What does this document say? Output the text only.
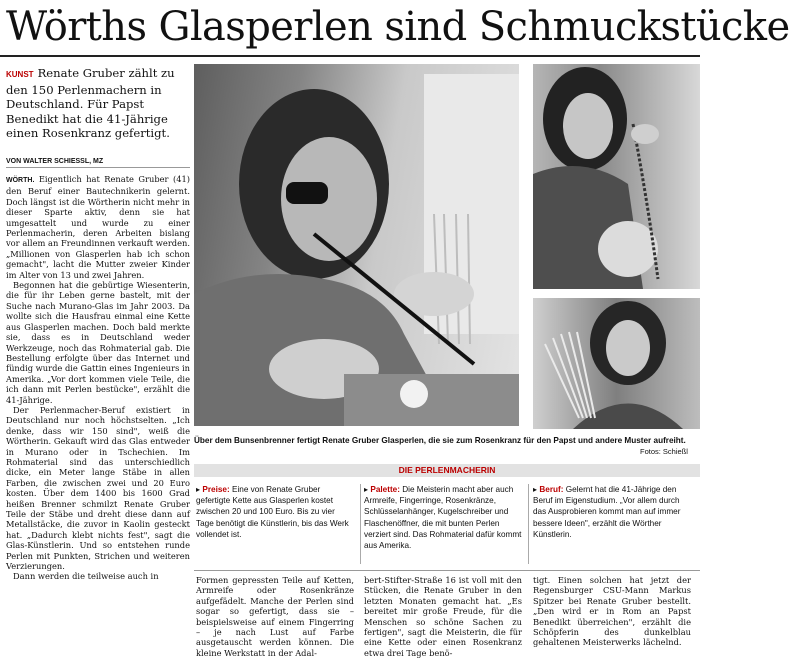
Wörths Glasperlen sind Schmuckstücke
KUNST Renate Gruber zählt zu den 150 Perlenmachern in Deutschland. Für Papst Benedikt hat die 41-Jährige einen Rosenkranz gefertigt.
VON WALTER SCHIESSL, MZ

WÖRTH. Eigentlich hat Renate Gruber (41) den Beruf einer Bautechnikerin gelernt. Doch längst ist die Wörtherin nicht mehr in dieser Sparte aktiv, denn sie hat umgesattelt und wurde zu einer Perlenmacherin, deren Arbeiten bislang vor allem an Freundinnen verkauft werden. „Millionen von Glasperlen hab ich schon gemacht", lacht die Mutter zweier Kinder im Alter von 13 und zwei Jahren.

Begonnen hat die gebürtige Wiesenterin, die für ihr Leben gerne bastelt, mit der Suche nach Murano-Glas im Jahr 2003. Da wollte sich die Hausfrau einmal eine Kette aus Glasperlen machen. Doch bald merkte sie, dass es in Deutschland weder Werkzeuge, noch das Rohmaterial gab. Die Bestellung erfolgte über das Internet und fündig wurde die Gattin eines Ingenieurs in Amerika. „Vor dort kommen viele Teile, die ich dann mit Perlen bestücke", erzählt die 41-Jährige.

Der Perlenmacher-Beruf existiert in Deutschland nur noch höchstselten. „Ich denke, dass wir 150 sind", weiß die Wörtherin. Gekauft wird das Glas entweder in Murano oder in Tschechien. Im Rohmaterial sind das unterschiedlich dicke, ein Meter lange Stäbe in allen Farben, die zwischen zwei und 20 Euro kosten. Über dem 1400 bis 1600 Grad heißen Brenner schmilzt Renate Gruber Teile der Stäbe und dreht diese dann auf Metallstäcke, die zuvor in Kaolin gesteckt hat. „Dadurch klebt nichts fest", sagt die Glas-Künstlerin. Und so entstehen runde Perlen mit Punkten, Strichen und weiteren Verzierungen.

Dann werden die teilweise auch in

Über dem Bunsenbrenner fertigt Renate Gruber Glasperlen, die sie zum Rosenkranz für den Papst und andere Muster aufreiht.
Fotos: Schießl
DIE PERLENMACHERIN
▸ Preise: Eine von Renate Gruber gefertigte Kette aus Glasperlen kostet zwischen 20 und 100 Euro. Bis zu vier Tage benötigt die Künstlerin, bis das Werk vollendet ist.
▸ Palette: Die Meisterin macht aber auch Armreife, Fingerringe, Rosenkränze, Schlüsselanhänger, Kugelschreiber und Flaschenöffner, die mit bunten Perlen verziert sind. Das Rohmaterial dafür kommt aus Amerika.
▸ Beruf: Gelernt hat die 41-Jährige den Beruf im Eigenstudium. „Vor allem durch das Ausprobieren kommt man auf immer bessere Ideen", erzählt die Wörther Künstlerin.
Formen gepressten Teile auf Ketten, Armreife oder Rosenkränze aufgefädelt. Manche der Perlen sind sogar so gefertigt, dass sie – beispielsweise auf einem Fingerring – je nach Lust auf Farbe ausgetauscht werden können. Die kleine Werkstatt in der Adal-
bert-Stifter-Straße 16 ist voll mit den Stücken, die Renate Gruber in den letzten Monaten gemacht hat. „Es bereitet mir große Freude, für die Menschen so schöne Sachen zu fertigen", sagt die Meisterin, die für eine Kette oder einen Rosenkranz etwa drei Tage benö-
tigt. Einen solchen hat jetzt der Regensburger CSU-Mann Markus Spitzer bei Renate Gruber bestellt. „Den wird er in Rom an Papst Benedikt überreichen", erzählt die Schöpferin des dunkelblau gehaltenen Meisterwerks lächelnd.
